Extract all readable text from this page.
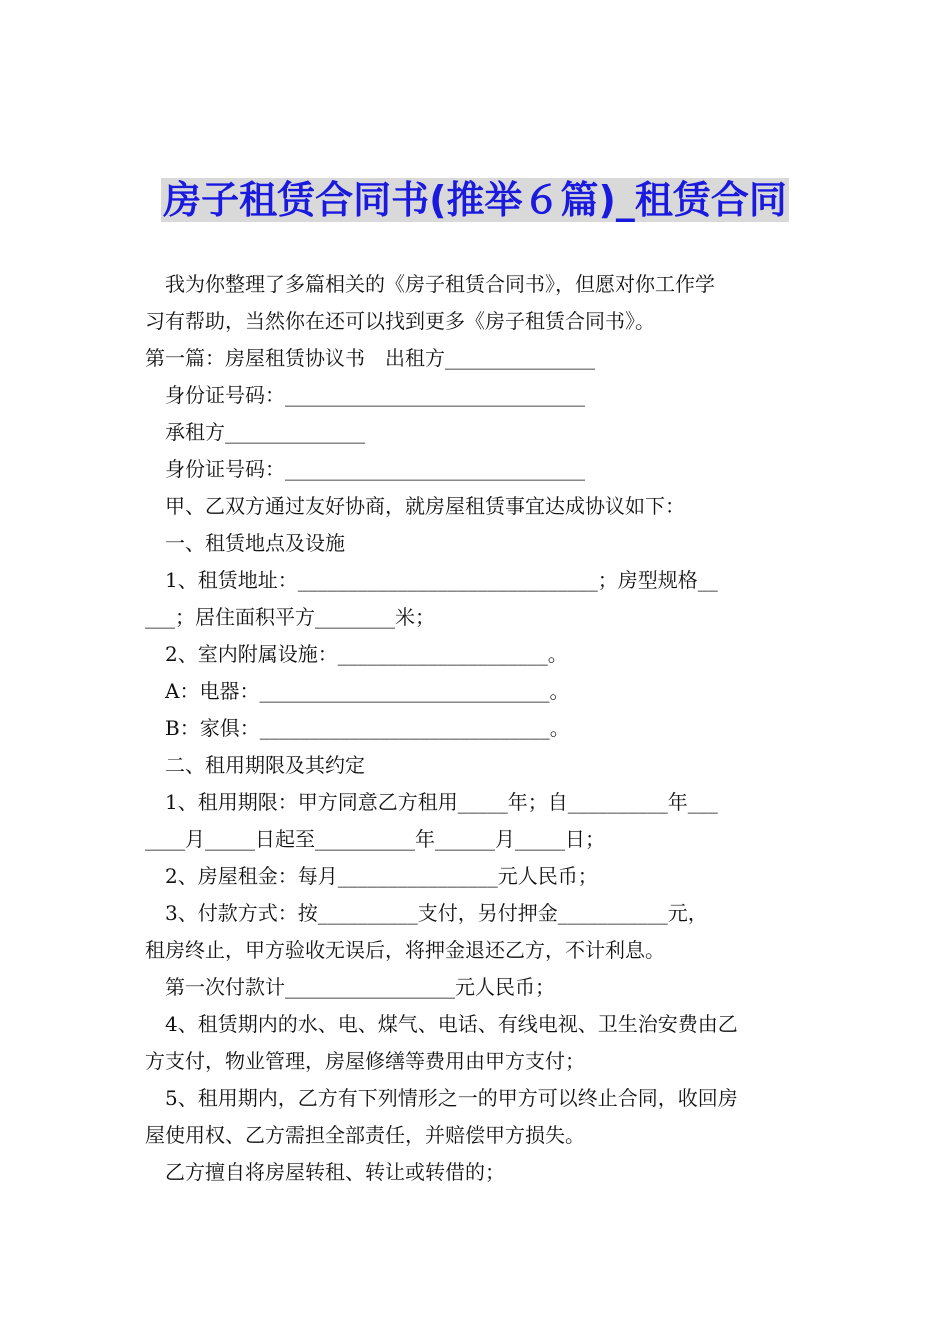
房子租赁合同书(推举６篇)_租赁合同
我为你整理了多篇相关的《房子租赁合同书》，但愿对你工作学
习有帮助，当然你在还可以找到更多《房子租赁合同书》。
第一篇：房屋租赁协议书　出租方_______________
身份证号码：______________________________
承租方______________
身份证号码：______________________________
甲、乙双方通过友好协商，就房屋租赁事宜达成协议如下：
一、租赁地点及设施
1、租赁地址：______________________________；房型规格__
___；居住面积平方________米；
2、室内附属设施：_____________________。
A：电器：_____________________________。
B：家俱：_____________________________。
二、租用期限及其约定
1、租用期限：甲方同意乙方租用_____年；自__________年___
____月_____日起至__________年______月_____日；
2、房屋租金：每月________________元人民币；
3、付款方式：按__________支付，另付押金___________元，
租房终止，甲方验收无误后，将押金退还乙方，不计利息。
第一次付款计_________________元人民币；
4、租赁期内的水、电、煤气、电话、有线电视、卫生治安费由乙
方支付，物业管理，房屋修缮等费用由甲方支付；
5、租用期内，乙方有下列情形之一的甲方可以终止合同，收回房
屋使用权、乙方需担全部责任，并赔偿甲方损失。
乙方擅自将房屋转租、转让或转借的；
